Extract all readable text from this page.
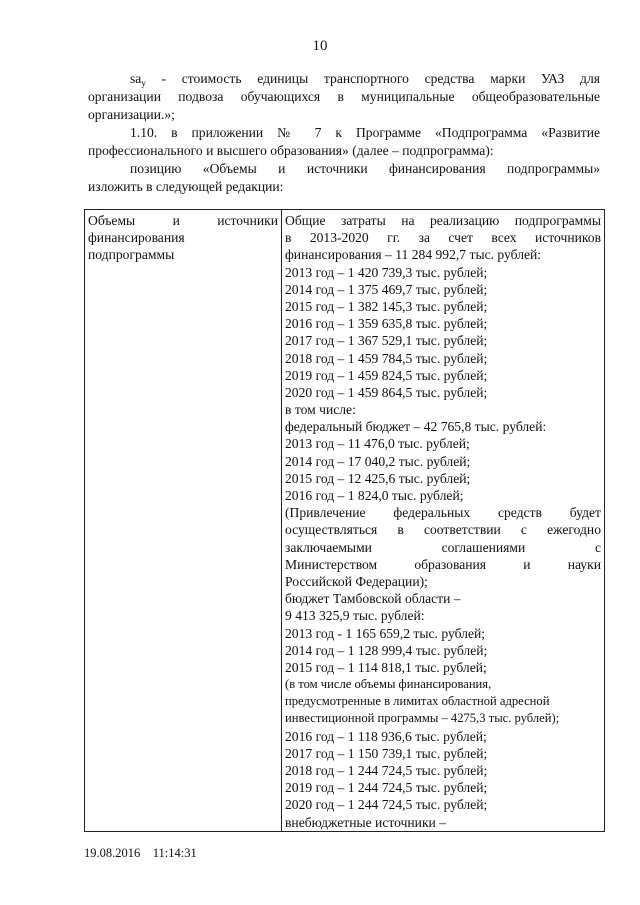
10
$sa_у$ - стоимость единицы транспортного средства марки УАЗ для
организации подвоза обучающихся в муниципальные общеобразовательные
организации.»;
1.10. в приложении № 7 к Программе «Подпрограмма «Развитие
профессионального и высшего образования» (далее – подпрограмма):
позицию «Объемы и источники финансирования подпрограммы»
изложить в следующей редакции:
Объемы и источники
финансирования
подпрограммы

Общие затраты на реализацию подпрограммы
в 2013-2020 гг. за счет всех источников
финансирования – 11 284 992,7 тыс. рублей:
2013 год – 1 420 739,3 тыс. рублей;
2014 год – 1 375 469,7 тыс. рублей;
2015 год – 1 382 145,3 тыс. рублей;
2016 год – 1 359 635,8 тыс. рублей;
2017 год – 1 367 529,1 тыс. рублей;
2018 год – 1 459 784,5 тыс. рублей;
2019 год – 1 459 824,5 тыс. рублей;
2020 год – 1 459 864,5 тыс. рублей;
в том числе:
федеральный бюджет – 42 765,8 тыс. рублей:
2013 год – 11 476,0 тыс. рублей;
2014 год – 17 040,2 тыс. рублей;
2015 год – 12 425,6 тыс. рублей;
2016 год – 1 824,0 тыс. рублей;
(Привлечение федеральных средств будет
осуществляться в соответствии с ежегодно
заключаемыми соглашениями с
Министерством образования и науки
Российской Федерации);
бюджет Тамбовской области –
9 413 325,9 тыс. рублей:
2013 год - 1 165 659,2 тыс. рублей;
2014 год – 1 128 999,4 тыс. рублей;
2015 год – 1 114 818,1 тыс. рублей;
(в том числе объемы финансирования,
предусмотренные в лимитах областной адресной
инвестиционной программы – 4275,3 тыс. рублей);
2016 год – 1 118 936,6 тыс. рублей;
2017 год – 1 150 739,1 тыс. рублей;
2018 год – 1 244 724,5 тыс. рублей;
2019 год – 1 244 724,5 тыс. рублей;
2020 год – 1 244 724,5 тыс. рублей;
внебюджетные источники –
19.08.2016 11:14:31
